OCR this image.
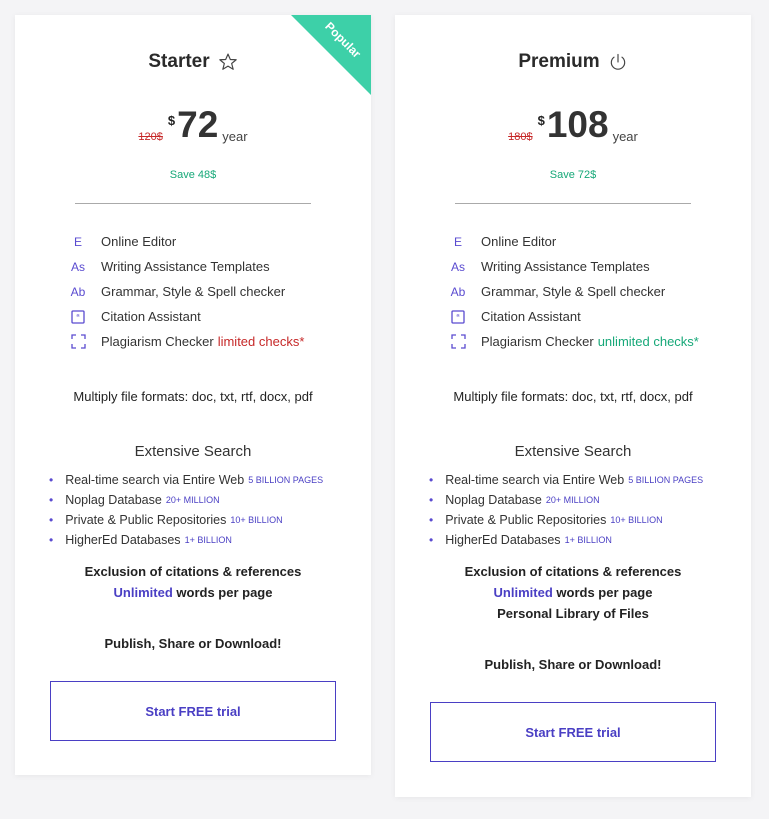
Popular
Starter
120$
$ 72 year
Save 48$
E	Online Editor
As	Writing Assistance Templates
Ab Grammar, Style & Spell checker
“ Citation Assistant
Plagiarism Checker limited checks*
Multiply file formats: doc, txt, rtf, docx, pdf
Extensive Search
• Real-time search via Entire Web 5 BILLION PAGES
• Noplag Database 20+ MILLION
• Private & Public Repositories 10+ BILLION
• HigherEd Databases 1+ BILLION
Exclusion of citations & references
Unlimited words per page
Publish, Share or Download!
Start FREE trial
Premium
180$
$ 108 year
Save 72$
E	Online Editor
As	Writing Assistance Templates
Ab Grammar, Style & Spell checker
“ Citation Assistant
Plagiarism Checker unlimited checks*
Multiply file formats: doc, txt, rtf, docx, pdf
Extensive Search
• Real-time search via Entire Web 5 BILLION PAGES
• Noplag Database 20+ MILLION
• Private & Public Repositories 10+ BILLION
• HigherEd Databases 1+ BILLION
Exclusion of citations & references
Unlimited words per page
Personal Library of Files
Publish, Share or Download!
Start FREE trial
